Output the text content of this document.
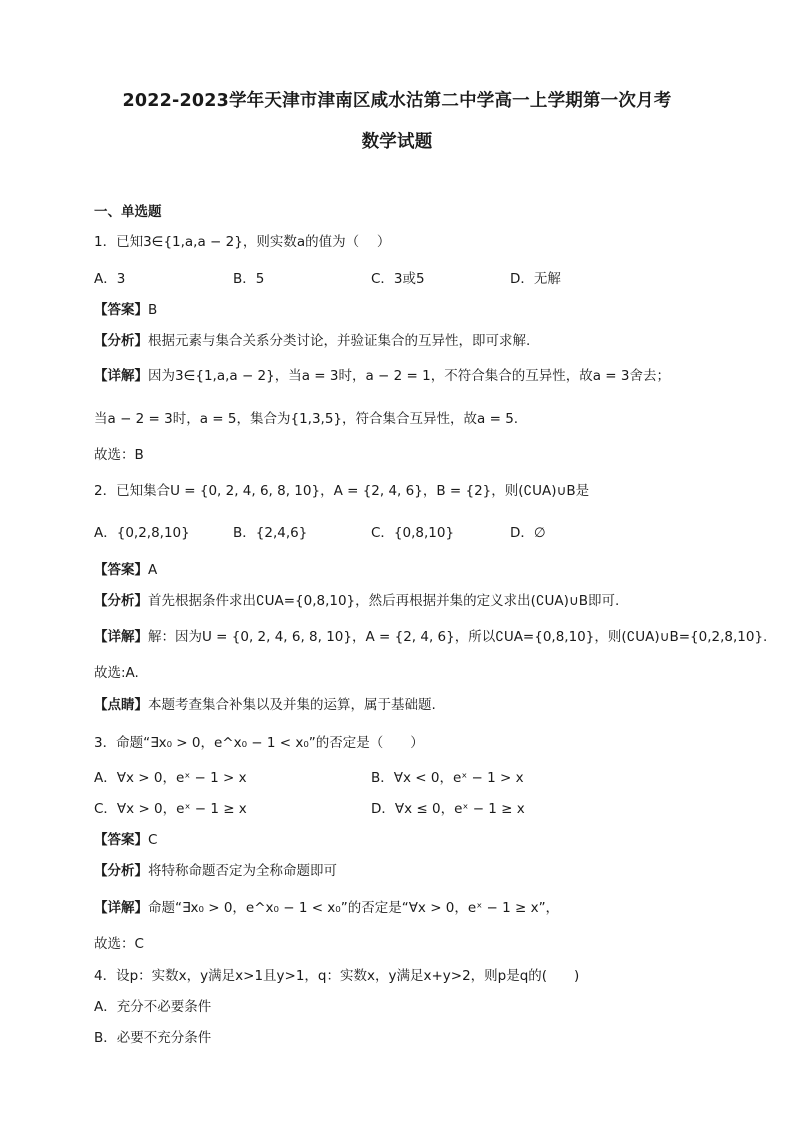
2022-2023学年天津市津南区咸水沽第二中学高一上学期第一次月考
数学试题
一、单选题
1．已知3∈{1,a,a − 2}，则实数a的值为（　 ）
A．3	B．5	C．3或5	D．无解
【答案】B
【分析】根据元素与集合关系分类讨论，并验证集合的互异性，即可求解.
【详解】因为3∈{1,a,a − 2}，当a = 3时，a − 2 = 1，不符合集合的互异性，故a = 3舍去；
当a − 2 = 3时，a = 5，集合为{1,3,5}，符合集合互异性，故a = 5.
故选：B
2．已知集合U = {0, 2, 4, 6, 8, 10}，A = {2, 4, 6}，B = {2}，则(∁UA)∪B是
A．{0,2,8,10}	B．{2,4,6}	C．{0,8,10}	D．∅
【答案】A
【分析】首先根据条件求出∁UA={0,8,10}，然后再根据并集的定义求出(∁UA)∪B即可.
【详解】解：因为U = {0, 2, 4, 6, 8, 10}，A = {2, 4, 6}，所以∁UA={0,8,10}，则(∁UA)∪B={0,2,8,10}.
故选:A.
【点睛】本题考查集合补集以及并集的运算，属于基础题.
3．命题“∃x₀ > 0，e^x₀ − 1 < x₀”的否定是（　　）
A．∀x > 0，eˣ − 1 > x	B．∀x < 0，eˣ − 1 > x
C．∀x > 0，eˣ − 1 ≥ x	D．∀x ≤ 0，eˣ − 1 ≥ x
【答案】C
【分析】将特称命题否定为全称命题即可
【详解】命题“∃x₀ > 0，e^x₀ − 1 < x₀”的否定是“∀x > 0，eˣ − 1 ≥ x”，
故选：C
4．设p：实数x，y满足x>1且y>1，q：实数x，y满足x+y>2，则p是q的(　　)
A．充分不必要条件
B．必要不充分条件
